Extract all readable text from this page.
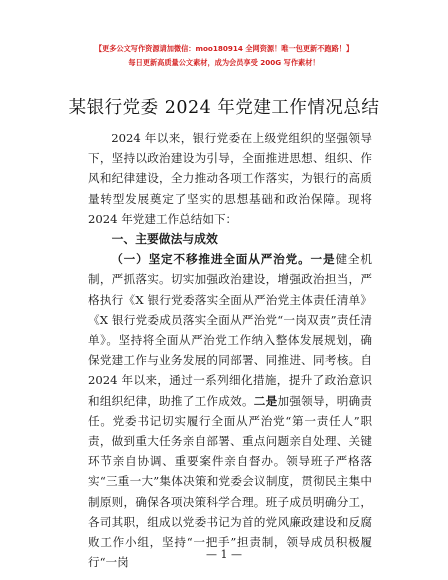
【更多公文写作资源请加微信：moo180914 全网资源！唯一包更新不跑路！】
每日更新高质量公文素材，成为会员享受 200G 写作素材！
某银行党委 2024 年党建工作情况总结

2024 年以来，银行党委在上级党组织的坚强领导下，坚持以政治建设为引导，全面推进思想、组织、作风和纪律建设，全力推动各项工作落实，为银行的高质量转型发展奠定了坚实的思想基础和政治保障。现将 2024 年党建工作总结如下：

一、主要做法与成效

（一）坚定不移推进全面从严治党。一是健全机制，严抓落实。切实加强政治建设，增强政治担当，严格执行《X 银行党委落实全面从严治党主体责任清单》《X 银行党委成员落实全面从严治党“一岗双责”责任清单》。坚持将全面从严治党工作纳入整体发展规划，确保党建工作与业务发展的同部署、同推进、同考核。自 2024 年以来，通过一系列细化措施，提升了政治意识和组织纪律，助推了工作成效。二是加强领导，明确责任。党委书记切实履行全面从严治党“第一责任人”职责，做到重大任务亲自部署、重点问题亲自处理、关键环节亲自协调、重要案件亲自督办。领导班子严格落实“三重一大”集体决策和党委会议制度，贯彻民主集中制原则，确保各项决策科学合理。班子成员明确分工，各司其职，组成以党委书记为首的党风廉政建设和反腐败工作小组，坚持“一把手”担责制，领导成员积极履行“一岗

— 1 —
